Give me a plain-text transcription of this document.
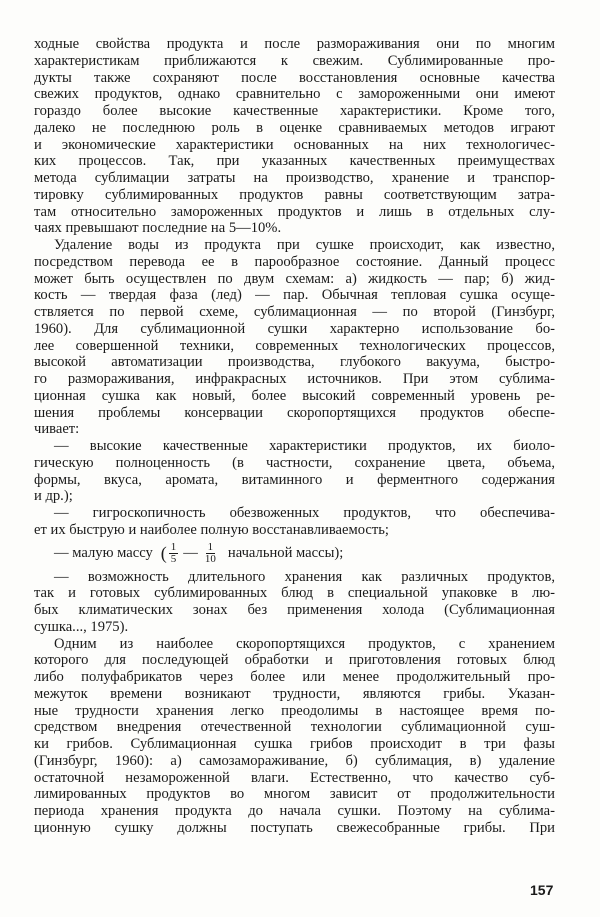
ходные свойства продукта и после размораживания они по многим
характеристикам приближаются к свежим. Сублимированные про-
дукты также сохраняют после восстановления основные качества
свежих продуктов, однако сравнительно с замороженными они имеют
гораздо более высокие качественные характеристики. Кроме того,
далеко не последнюю роль в оценке сравниваемых методов играют
и экономические характеристики основанных на них технологичес-
ких процессов. Так, при указанных качественных преимуществах
метода сублимации затраты на производство, хранение и транспор-
тировку сублимированных продуктов равны соответствующим затра-
там относительно замороженных продуктов и лишь в отдельных слу-
чаях превышают последние на 5—10%.
Удаление воды из продукта при сушке происходит, как известно,
посредством перевода ее в парообразное состояние. Данный процесс
может быть осуществлен по двум схемам: а) жидкость — пар; б) жид-
кость — твердая фаза (лед) — пар. Обычная тепловая сушка осуще-
ствляется по первой схеме, сублимационная — по второй (Гинзбург,
1960). Для сублимационной сушки характерно использование бо-
лее совершенной техники, современных технологических процессов,
высокой автоматизации производства, глубокого вакуума, быстро-
го размораживания, инфракрасных источников. При этом сублима-
ционная сушка как новый, более высокий современный уровень ре-
шения проблемы консервации скоропортящихся продуктов обеспе-
чивает:
— высокие качественные характеристики продуктов, их биоло-
гическую полноценность (в частности, сохранение цвета, объема,
формы, вкуса, аромата, витаминного и ферментного содержания
и др.);
— гигроскопичность обезвоженных продуктов, что обеспечива-
ет их быструю и наиболее полную восстанавливаемость;
— малую массу ( $\frac{1}{5}$ — $\frac{1}{10}$ начальной массы);
— возможность длительного хранения как различных продуктов,
так и готовых сублимированных блюд в специальной упаковке в лю-
бых климатических зонах без применения холода (Сублимационная
сушка..., 1975).
Одним из наиболее скоропортящихся продуктов, с хранением
которого для последующей обработки и приготовления готовых блюд
либо полуфабрикатов через более или менее продолжительный про-
межуток времени возникают трудности, являются грибы. Указан-
ные трудности хранения легко преодолимы в настоящее время по-
средством внедрения отечественной технологии сублимационной суш-
ки грибов. Сублимационная сушка грибов происходит в три фазы
(Гинзбург, 1960): а) самозамораживание, б) сублимация, в) удаление
остаточной незамороженной влаги. Естественно, что качество суб-
лимированных продуктов во многом зависит от продолжительности
периода хранения продукта до начала сушки. Поэтому на сублима-
ционную сушку должны поступать свежесобранные грибы. При
157
